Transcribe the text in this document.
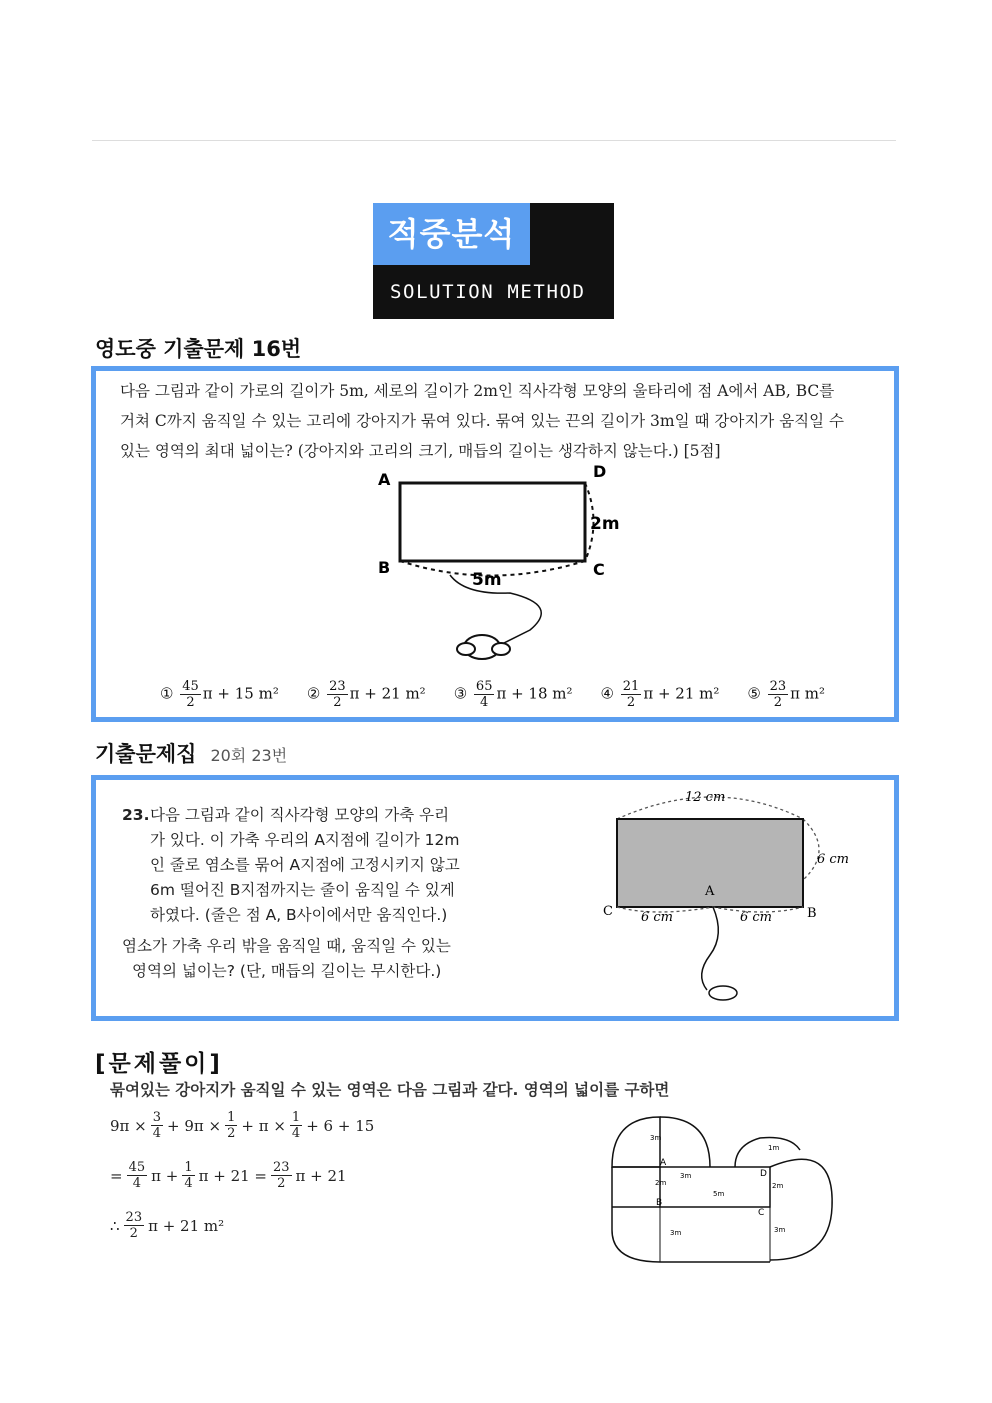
적중분석
SOLUTION METHOD
영도중 기출문제 16번
다음 그림과 같이 가로의 길이가 5m, 세로의 길이가 2m인 직사각형 모양의 울타리에 점 A에서 AB, BC를
거쳐 C까지 움직일 수 있는 고리에 강아지가 묶여 있다. 묶여 있는 끈의 길이가 3m일 때 강아지가 움직일 수
있는 영역의 최대 넓이는? (강아지와 고리의 크기, 매듭의 길이는 생각하지 않는다.) [5점]
A	D
B	C
2m
5m
① $\frac{45}{2}$ π + 15 m² ② $\frac{23}{2}$ π + 21 m² ③ $\frac{65}{4}$ π + 18 m² ④ $\frac{21}{2}$ π + 21 m² ⑤ $\frac{23}{2}$ π m²
기출문제집 20회 23번
23. 다음 그림과 같이 직사각형 모양의 가축 우리
가 있다. 이 가축 우리의 A지점에 길이가 12m
인 줄로 염소를 묶어 A지점에 고정시키지 않고
6m 떨어진 B지점까지는 줄이 움직일 수 있게
하였다. (줄은 점 A, B사이에서만 움직인다.)
염소가 가축 우리 밖을 움직일 때, 움직일 수 있는
영역의 넓이는? (단, 매듭의 길이는 무시한다.)
12 cm
6 cm
6 cm	6 cm
A
C	B
[문제풀이]
묶여있는 강아지가 움직일 수 있는 영역은 다음 그림과 같다. 영역의 넓이를 구하면
$9\pi \times \frac{3}{4} + 9\pi \times \frac{1}{2} + \pi \times \frac{1}{4} + 6 + 15$
= $\frac{45}{4}$ $\pi + \frac{1}{4}$ $\pi + 21 = \frac{23}{2}$ π + 21
∴ $\frac{23}{2}$ π + 21 m²
3m
1m
2m
5m
2m
3m
3m	3m
A
B
C
D
